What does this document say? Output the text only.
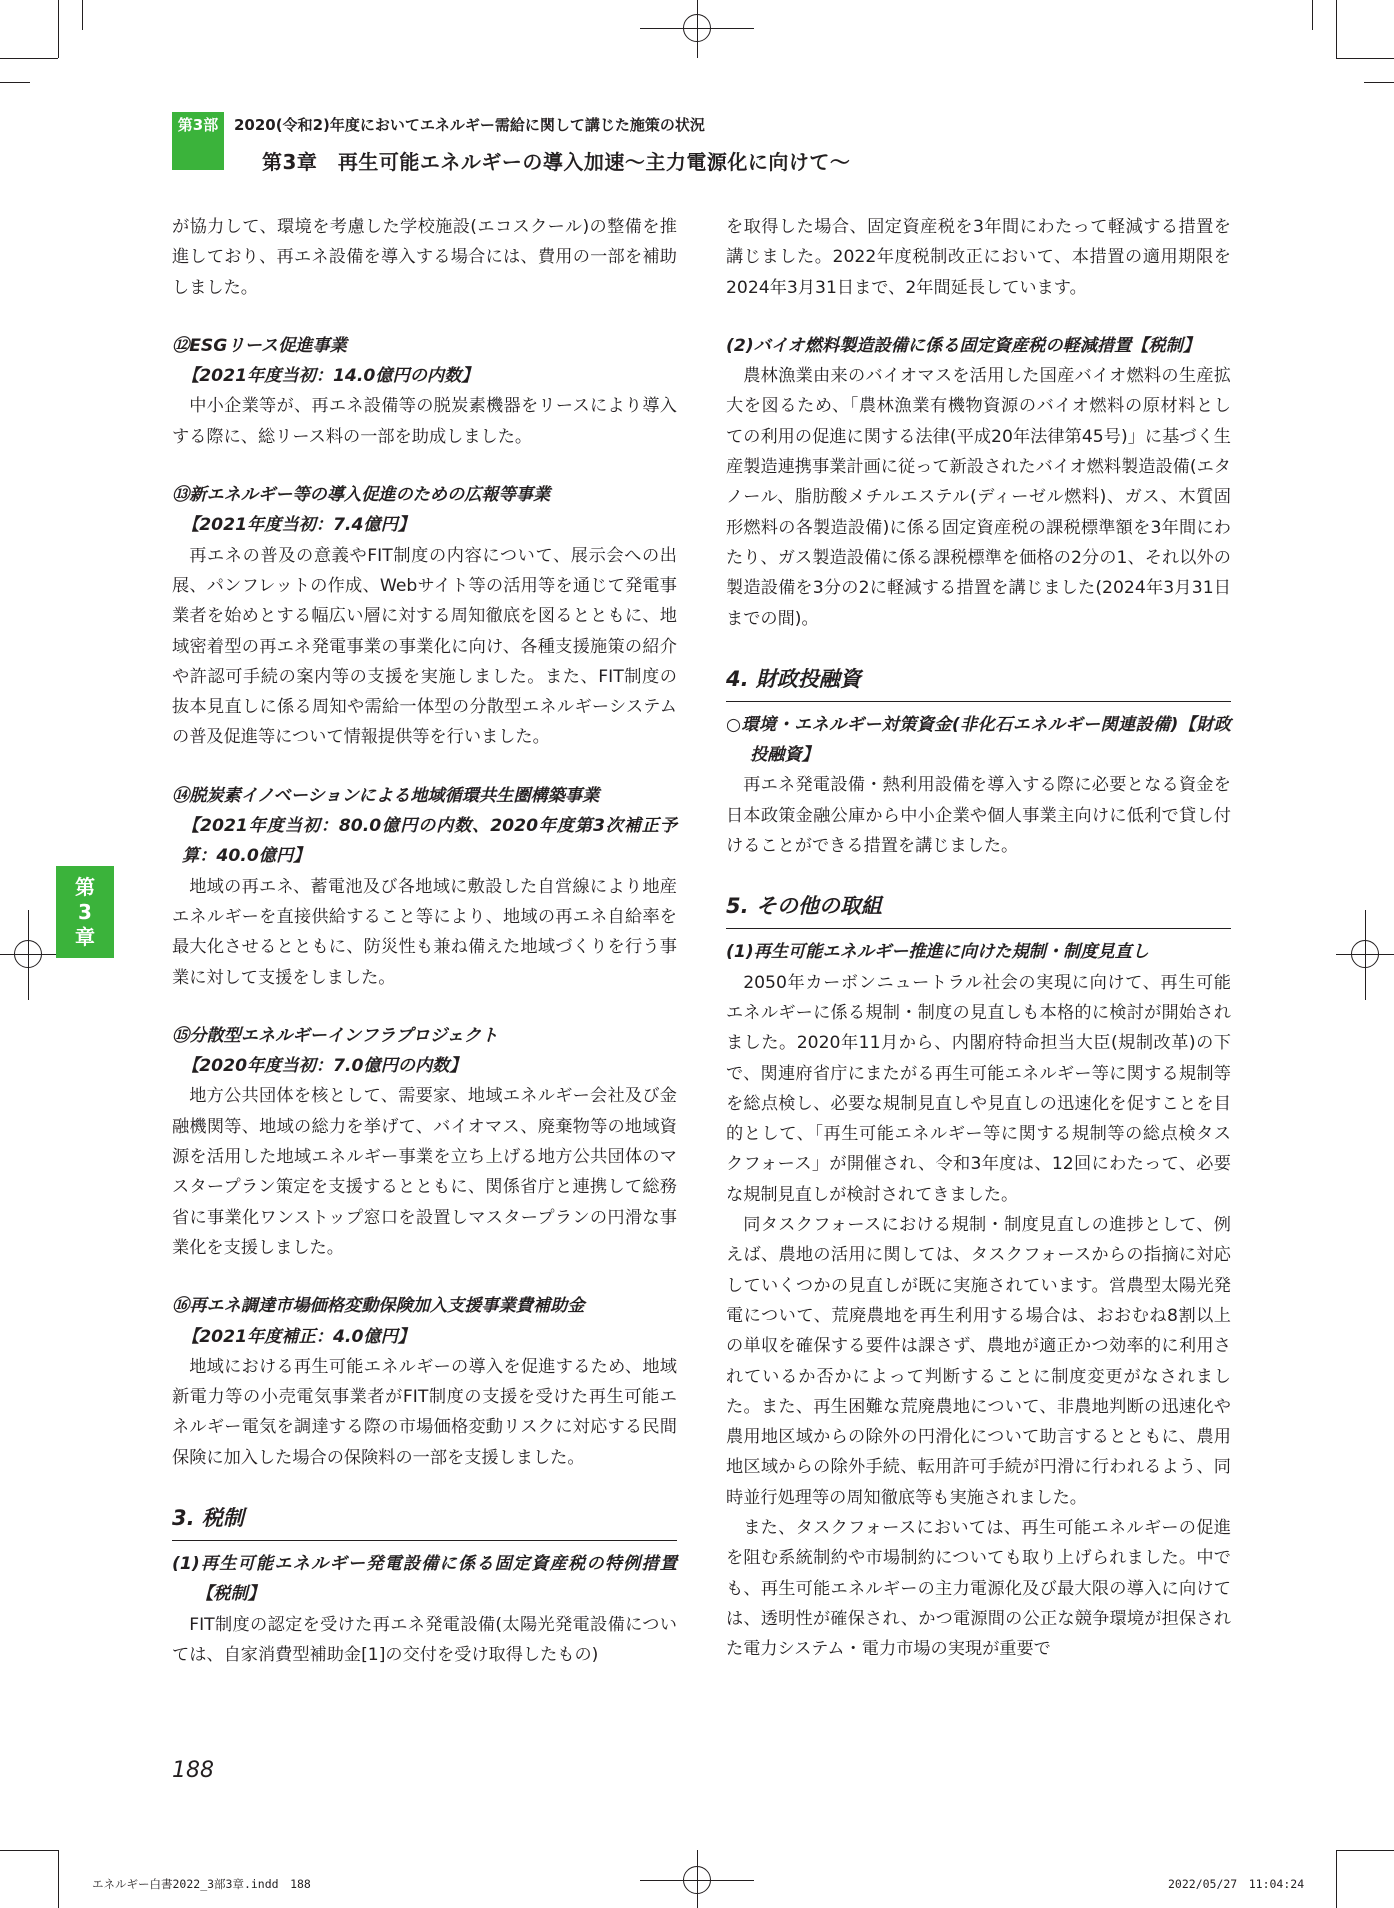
第3部	2020(令和2)年度においてエネルギー需給に関して講じた施策の状況
第3章　再生可能エネルギーの導入加速～主力電源化に向けて～
第
3
章

が協力して、環境を考慮した学校施設(エコスクール)の整備を推進しており、再エネ設備を導入する場合には、費用の一部を補助しました。

⑫ESGリース促進事業

【2021年度当初：14.0億円の内数】

中小企業等が、再エネ設備等の脱炭素機器をリースにより導入する際に、総リース料の一部を助成しました。

⑬新エネルギー等の導入促進のための広報等事業

【2021年度当初：7.4億円】

再エネの普及の意義やFIT制度の内容について、展示会への出展、パンフレットの作成、Webサイト等の活用等を通じて発電事業者を始めとする幅広い層に対する周知徹底を図るとともに、地域密着型の再エネ発電事業の事業化に向け、各種支援施策の紹介や許認可手続の案内等の支援を実施しました。また、FIT制度の抜本見直しに係る周知や需給一体型の分散型エネルギーシステムの普及促進等について情報提供等を行いました。

⑭脱炭素イノベーションによる地域循環共生圏構築事業

【2021年度当初：80.0億円の内数、2020年度第3次補正予算：40.0億円】

地域の再エネ、蓄電池及び各地域に敷設した自営線により地産エネルギーを直接供給すること等により、地域の再エネ自給率を最大化させるとともに、防災性も兼ね備えた地域づくりを行う事業に対して支援をしました。

⑮分散型エネルギーインフラプロジェクト

【2020年度当初：7.0億円の内数】

地方公共団体を核として、需要家、地域エネルギー会社及び金融機関等、地域の総力を挙げて、バイオマス、廃棄物等の地域資源を活用した地域エネルギー事業を立ち上げる地方公共団体のマスタープラン策定を支援するとともに、関係省庁と連携して総務省に事業化ワンストップ窓口を設置しマスタープランの円滑な事業化を支援しました。

⑯再エネ調達市場価格変動保険加入支援事業費補助金

【2021年度補正：4.0億円】

地域における再生可能エネルギーの導入を促進するため、地域新電力等の小売電気事業者がFIT制度の支援を受けた再生可能エネルギー電気を調達する際の市場価格変動リスクに対応する民間保険に加入した場合の保険料の一部を支援しました。

3. 税制

(1)再生可能エネルギー発電設備に係る固定資産税の特例措置【税制】

FIT制度の認定を受けた再エネ発電設備(太陽光発電設備については、自家消費型補助金[1]の交付を受け取得したもの)

を取得した場合、固定資産税を3年間にわたって軽減する措置を講じました。2022年度税制改正において、本措置の適用期限を2024年3月31日まで、2年間延長しています。

(2)バイオ燃料製造設備に係る固定資産税の軽減措置【税制】

農林漁業由来のバイオマスを活用した国産バイオ燃料の生産拡大を図るため、「農林漁業有機物資源のバイオ燃料の原材料としての利用の促進に関する法律(平成20年法律第45号)」に基づく生産製造連携事業計画に従って新設されたバイオ燃料製造設備(エタノール、脂肪酸メチルエステル(ディーゼル燃料)、ガス、木質固形燃料の各製造設備)に係る固定資産税の課税標準額を3年間にわたり、ガス製造設備に係る課税標準を価格の2分の1、それ以外の製造設備を3分の2に軽減する措置を講じました(2024年3月31日までの間)。

4. 財政投融資

○環境・エネルギー対策資金(非化石エネルギー関連設備)【財政投融資】

再エネ発電設備・熱利用設備を導入する際に必要となる資金を日本政策金融公庫から中小企業や個人事業主向けに低利で貸し付けることができる措置を講じました。

5. その他の取組

(1)再生可能エネルギー推進に向けた規制・制度見直し

2050年カーボンニュートラル社会の実現に向けて、再生可能エネルギーに係る規制・制度の見直しも本格的に検討が開始されました。2020年11月から、内閣府特命担当大臣(規制改革)の下で、関連府省庁にまたがる再生可能エネルギー等に関する規制等を総点検し、必要な規制見直しや見直しの迅速化を促すことを目的として、「再生可能エネルギー等に関する規制等の総点検タスクフォース」が開催され、令和3年度は、12回にわたって、必要な規制見直しが検討されてきました。

同タスクフォースにおける規制・制度見直しの進捗として、例えば、農地の活用に関しては、タスクフォースからの指摘に対応していくつかの見直しが既に実施されています。営農型太陽光発電について、荒廃農地を再生利用する場合は、おおむね8割以上の単収を確保する要件は課さず、農地が適正かつ効率的に利用されているか否かによって判断することに制度変更がなされました。また、再生困難な荒廃農地について、非農地判断の迅速化や農用地区域からの除外の円滑化について助言するとともに、農用地区域からの除外手続、転用許可手続が円滑に行われるよう、同時並行処理等の周知徹底等も実施されました。

また、タスクフォースにおいては、再生可能エネルギーの促進を阻む系統制約や市場制約についても取り上げられました。中でも、再生可能エネルギーの主力電源化及び最大限の導入に向けては、透明性が確保され、かつ電源間の公正な競争環境が担保された電力システム・電力市場の実現が重要で

188
エネルギー白書2022_3部3章.indd　188	2022/05/27　11:04:24
